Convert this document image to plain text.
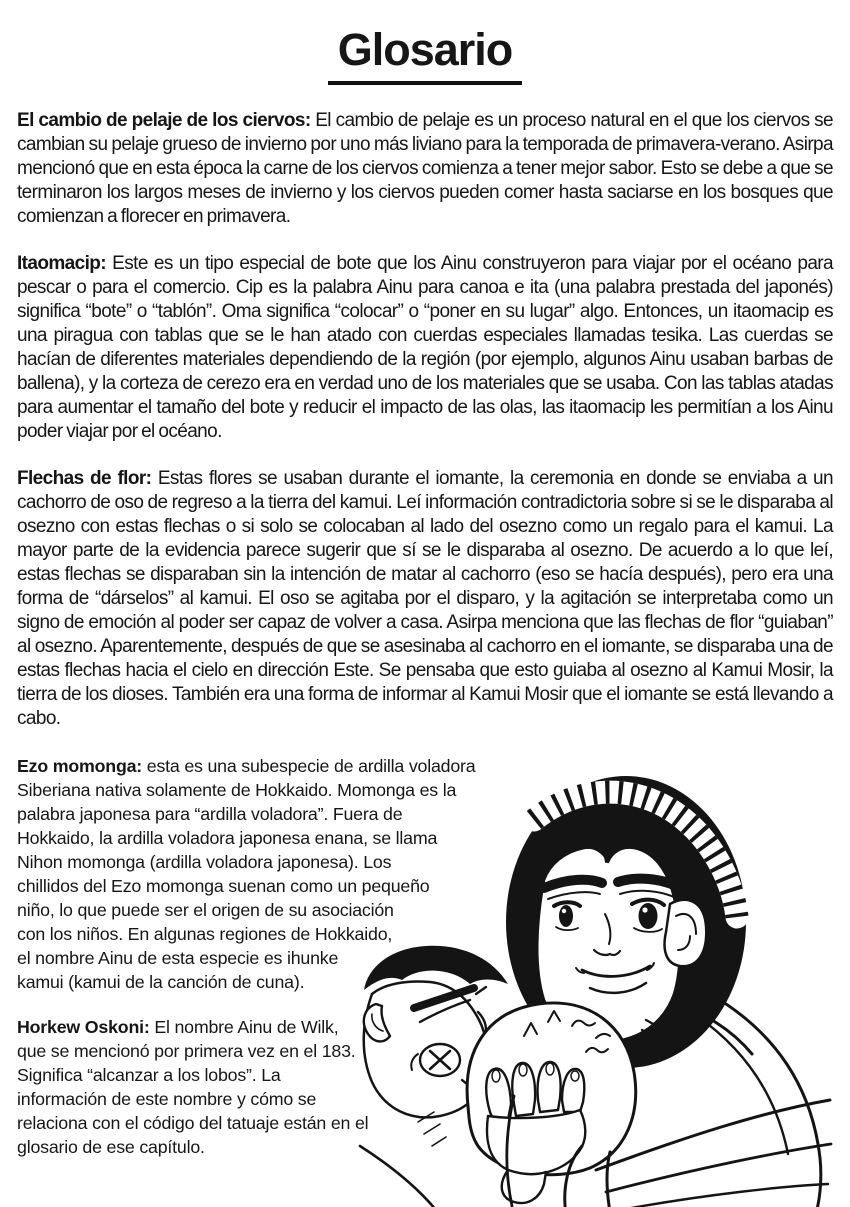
Glosario

El cambio de pelaje de los ciervos: El cambio de pelaje es un proceso natural en el que los ciervos se cambian su pelaje grueso de invierno por uno más liviano para la temporada de primavera-verano. Asirpa mencionó que en esta época la carne de los ciervos comienza a tener mejor sabor. Esto se debe a que se terminaron los largos meses de invierno y los ciervos pueden comer hasta saciarse en los bosques que comienzan a florecer en primavera.

Itaomacip: Este es un tipo especial de bote que los Ainu construyeron para viajar por el océano para pescar o para el comercio. Cip es la palabra Ainu para canoa e ita (una palabra prestada del japonés) significa “bote” o “tablón”. Oma significa “colocar” o “poner en su lugar” algo. Entonces, un itaomacip es una piragua con tablas que se le han atado con cuerdas especiales llamadas tesika. Las cuerdas se hacían de diferentes materiales dependiendo de la región (por ejemplo, algunos Ainu usaban barbas de ballena), y la corteza de cerezo era en verdad uno de los materiales que se usaba. Con las tablas atadas para aumentar el tamaño del bote y reducir el impacto de las olas, las itaomacip les permitían a los Ainu poder viajar por el océano.

Flechas de flor: Estas flores se usaban durante el iomante, la ceremonia en donde se enviaba a un cachorro de oso de regreso a la tierra del kamui. Leí información contradictoria sobre si se le disparaba al osezno con estas flechas o si solo se colocaban al lado del osezno como un regalo para el kamui. La mayor parte de la evidencia parece sugerir que sí se le disparaba al osezno. De acuerdo a lo que leí, estas flechas se disparaban sin la intención de matar al cachorro (eso se hacía después), pero era una forma de “dárselos” al kamui. El oso se agitaba por el disparo, y la agitación se interpretaba como un signo de emoción al poder ser capaz de volver a casa. Asirpa menciona que las flechas de flor “guiaban” al osezno. Aparentemente, después de que se asesinaba al cachorro en el iomante, se disparaba una de estas flechas hacia el cielo en dirección Este. Se pensaba que esto guiaba al osezno al Kamui Mosir, la tierra de los dioses. También era una forma de informar al Kamui Mosir que el iomante se está llevando a cabo.

Ezo momonga: esta es una subespecie de ardilla voladora Siberiana nativa solamente de Hokkaido. Momonga es la palabra japonesa para “ardilla voladora”. Fuera de Hokkaido, la ardilla voladora japonesa enana, se llama Nihon momonga (ardilla voladora japonesa). Los chillidos del Ezo momonga suenan como un pequeño niño, lo que puede ser el origen de su asociación con los niños. En algunas regiones de Hokkaido, el nombre Ainu de esta especie es ihunke kamui (kamui de la canción de cuna).

Horkew Oskoni: El nombre Ainu de Wilk, que se mencionó por primera vez en el 183. Significa “alcanzar a los lobos”. La información de este nombre y cómo se relaciona con el código del tatuaje están en el glosario de ese capítulo.
